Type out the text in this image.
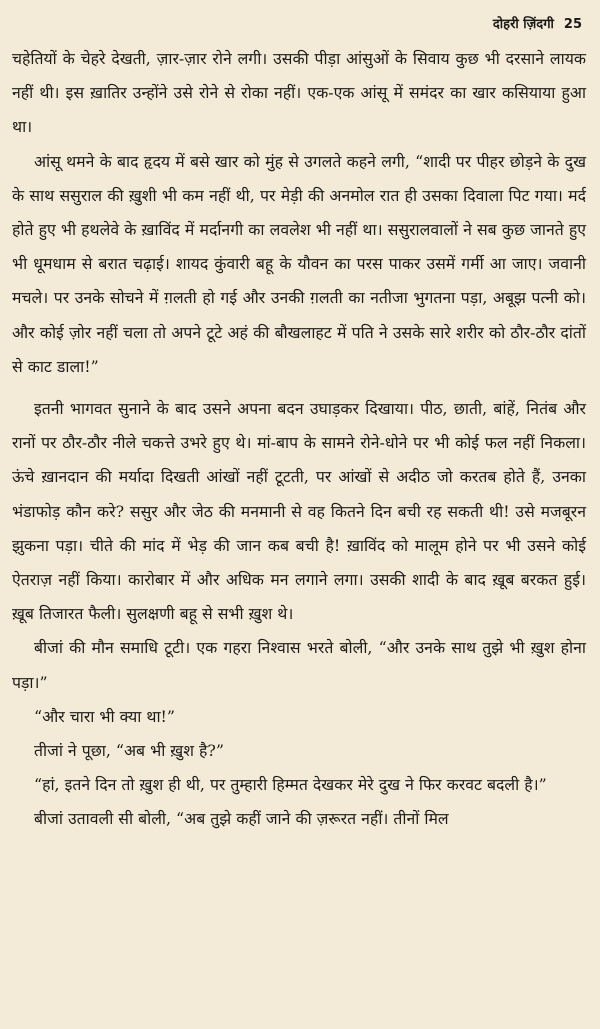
दोहरी ज़िंदगी 25

चहेतियों के चेहरे देखती, ज़ार-ज़ार रोने लगी। उसकी पीड़ा आंसुओं के सिवाय कुछ भी दरसाने लायक नहीं थी। इस ख़ातिर उन्होंने उसे रोने से रोका नहीं। एक-एक आंसू में समंदर का खार कसियाया हुआ था।

आंसू थमने के बाद हृदय में बसे खार को मुंह से उगलते कहने लगी, “शादी पर पीहर छोड़ने के दुख के साथ ससुराल की ख़ुशी भी कम नहीं थी, पर मेड़ी की अनमोल रात ही उसका दिवाला पिट गया। मर्द होते हुए भी हथलेवे के ख़ाविंद में मर्दानगी का लवलेश भी नहीं था। ससुरालवालों ने सब कुछ जानते हुए भी धूमधाम से बरात चढ़ाई। शायद कुंवारी बहू के यौवन का परस पाकर उसमें गर्मी आ जाए। जवानी मचले। पर उनके सोचने में ग़लती हो गई और उनकी ग़लती का नतीजा भुगतना पड़ा, अबूझ पत्नी को। और कोई ज़ोर नहीं चला तो अपने टूटे अहं की बौखलाहट में पति ने उसके सारे शरीर को ठौर-ठौर दांतों से काट डाला!”

इतनी भागवत सुनाने के बाद उसने अपना बदन उघाड़कर दिखाया। पीठ, छाती, बांहें, नितंब और रानों पर ठौर-ठौर नीले चकत्ते उभरे हुए थे। मां-बाप के सामने रोने-धोने पर भी कोई फल नहीं निकला। ऊंचे ख़ानदान की मर्यादा दिखती आंखों नहीं टूटती, पर आंखों से अदीठ जो करतब होते हैं, उनका भंडाफोड़ कौन करे? ससुर और जेठ की मनमानी से वह कितने दिन बची रह सकती थी! उसे मजबूरन झुकना पड़ा। चीते की मांद में भेड़ की जान कब बची है! ख़ाविंद को मालूम होने पर भी उसने कोई ऐतराज़ नहीं किया। कारोबार में और अधिक मन लगाने लगा। उसकी शादी के बाद ख़ूब बरकत हुई। ख़ूब तिजारत फैली। सुलक्षणी बहू से सभी ख़ुश थे।

बीजां की मौन समाधि टूटी। एक गहरा निश्वास भरते बोली, “और उनके साथ तुझे भी ख़ुश होना पड़ा।”

“और चारा भी क्या था!”

तीजां ने पूछा, “अब भी ख़ुश है?”

“हां, इतने दिन तो ख़ुश ही थी, पर तुम्हारी हिम्मत देखकर मेरे दुख ने फिर करवट बदली है।”

बीजां उतावली सी बोली, “अब तुझे कहीं जाने की ज़रूरत नहीं। तीनों मिल
